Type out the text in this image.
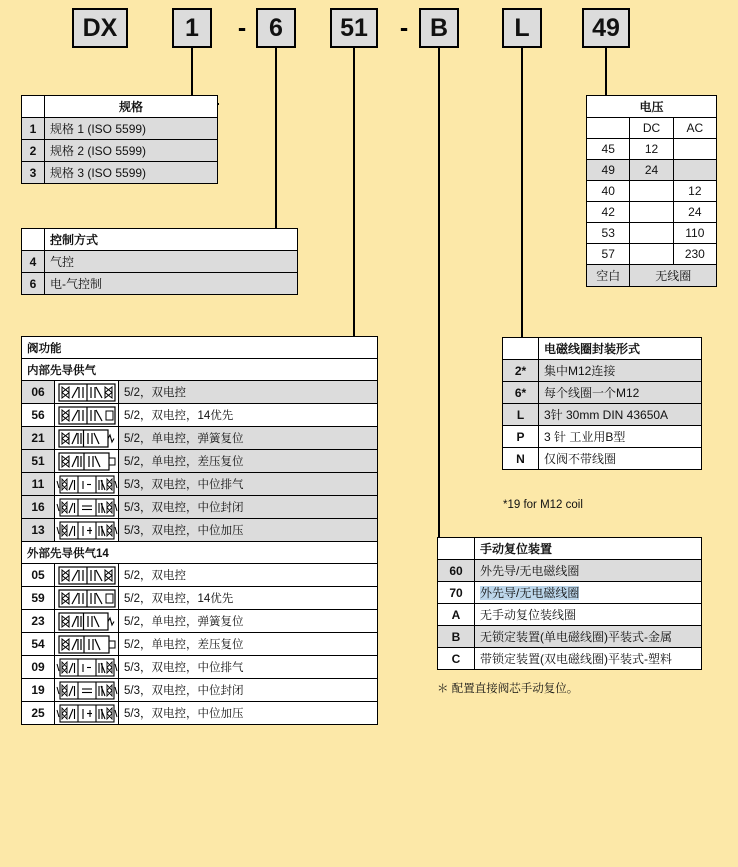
DX	1	- 6	51	- B	L	49
	规格
1	规格 1 (ISO 5599)
2	规格 2 (ISO 5599)
3	规格 3 (ISO 5599)
	控制方式
4	气控
6	电-气控制
阀功能		
内部先导供气		
06		5/2，双电控
56		5/2，双电控，14优先
21		5/2，单电控，弹簧复位
51		5/2，单电控，差压复位
11		5/3，双电控，中位排气
16		5/3，双电控，中位封闭
13		5/3，双电控，中位加压
外部先导供气14		
05		5/2，双电控
59		5/2，双电控，14优先
23		5/2，单电控，弹簧复位
54		5/2，单电控，差压复位
09		5/3，双电控，中位排气
19		5/3，双电控，中位封闭
25		5/3，双电控，中位加压
电压		
	DC	AC
45	12	
49	24	
40		12
42		24
53		110
57		230
空白	无线圈	
	电磁线圈封装形式
2*	集中M12连接
6*	每个线圈一个M12
L	3针 30mm DIN 43650A
P	3 针 工业用B型
N	仅阀不带线圈
*19 for M12 coil
	手动复位装置
60	外先导/无电磁线圈
70	外先导/无电磁线圈
A	无手动复位装线圈
B	无锁定装置(单电磁线圈)平装式-金属
C	带锁定装置(双电磁线圈)平装式-塑料
＊ 配置直接阀芯手动复位。
